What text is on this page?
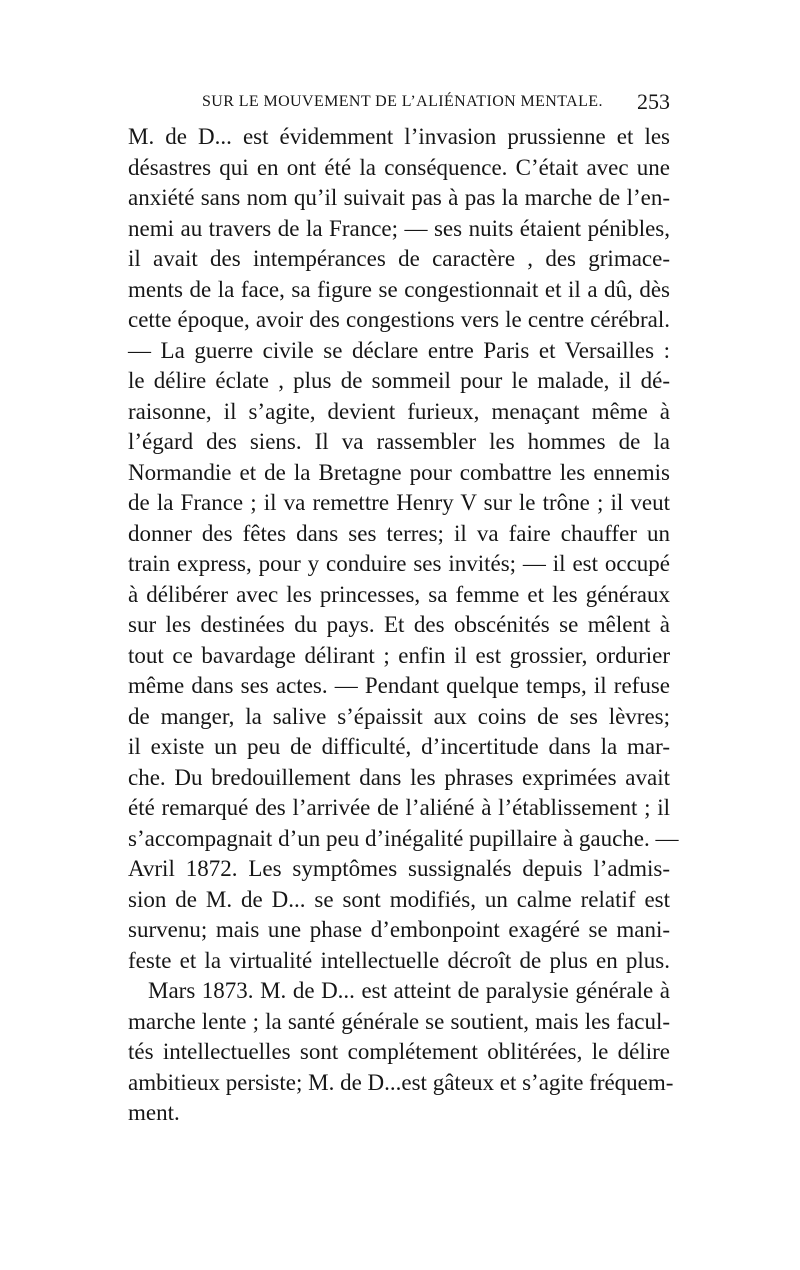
SUR LE MOUVEMENT DE L’ALIÉNATION MENTALE. 253
M. de D... est évidemment l’invasion prussienne et les
désastres qui en ont été la conséquence. C’était avec une
anxiété sans nom qu’il suivait pas à pas la marche de l’en-
nemi au travers de la France; — ses nuits étaient pénibles,
il avait des intempérances de caractère , des grimace-
ments de la face, sa figure se congestionnait et il a dû, dès
cette époque, avoir des congestions vers le centre cérébral.
— La guerre civile se déclare entre Paris et Versailles :
le délire éclate , plus de sommeil pour le malade, il dé-
raisonne, il s’agite, devient furieux, menaçant même à
l’égard des siens. Il va rassembler les hommes de la
Normandie et de la Bretagne pour combattre les ennemis
de la France ; il va remettre Henry V sur le trône ; il veut
donner des fêtes dans ses terres; il va faire chauffer un
train express, pour y conduire ses invités; — il est occupé
à délibérer avec les princesses, sa femme et les généraux
sur les destinées du pays. Et des obscénités se mêlent à
tout ce bavardage délirant ; enfin il est grossier, ordurier
même dans ses actes. — Pendant quelque temps, il refuse
de manger, la salive s’épaissit aux coins de ses lèvres;
il existe un peu de difficulté, d’incertitude dans la mar-
che. Du bredouillement dans les phrases exprimées avait
été remarqué des l’arrivée de l’aliéné à l’établissement ; il
s’accompagnait d’un peu d’inégalité pupillaire à gauche. —
Avril 1872. Les symptômes sussignalés depuis l’admis-
sion de M. de D... se sont modifiés, un calme relatif est
survenu; mais une phase d’embonpoint exagéré se mani-
feste et la virtualité intellectuelle décroît de plus en plus.
Mars 1873. M. de D... est atteint de paralysie générale à
marche lente ; la santé générale se soutient, mais les facul-
tés intellectuelles sont complétement oblitérées, le délire
ambitieux persiste; M. de D...est gâteux et s’agite fréquem-
ment.
